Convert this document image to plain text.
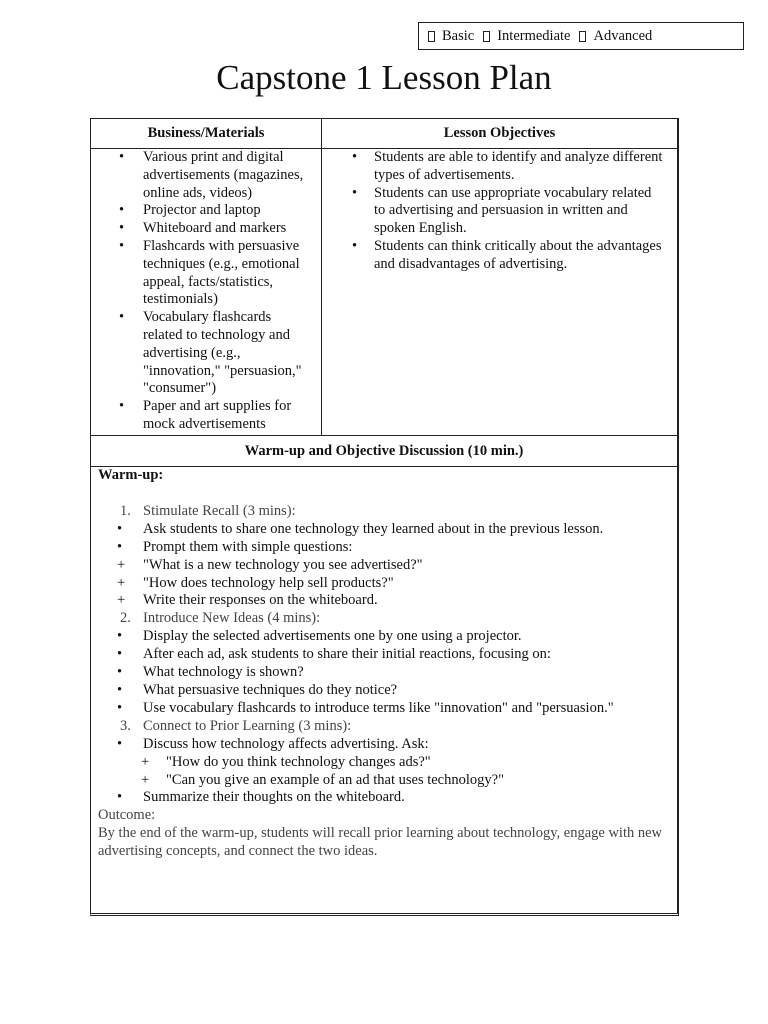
Basic Intermediate Advanced
Capstone 1 Lesson Plan
Business/Materials	Lesson Objectives
• Various print and digital advertisements (magazines, online ads, videos)
• Projector and laptop
• Whiteboard and markers
• Flashcards with persuasive techniques (e.g., emotional appeal, facts/statistics, testimonials)
• Vocabulary flashcards related to technology and advertising (e.g., "innovation," "persuasion," "consumer")
• Paper and art supplies for mock advertisements
• Students are able to identify and analyze different types of advertisements.
• Students can use appropriate vocabulary related to advertising and persuasion in written and spoken English.
• Students can think critically about the advantages and disadvantages of advertising.
Warm-up and Objective Discussion (10 min.)
Warm-up:
1. Stimulate Recall (3 mins):
• Ask students to share one technology they learned about in the previous lesson.
• Prompt them with simple questions:
+ "What is a new technology you see advertised?"
+ "How does technology help sell products?"
+ Write their responses on the whiteboard.
2. Introduce New Ideas (4 mins):
• Display the selected advertisements one by one using a projector.
• After each ad, ask students to share their initial reactions, focusing on:
• What technology is shown?
• What persuasive techniques do they notice?
• Use vocabulary flashcards to introduce terms like "innovation" and "persuasion."
3. Connect to Prior Learning (3 mins):
• Discuss how technology affects advertising. Ask:
+ "How do you think technology changes ads?"
+ "Can you give an example of an ad that uses technology?"
• Summarize their thoughts on the whiteboard.
Outcome:
By the end of the warm-up, students will recall prior learning about technology, engage with new advertising concepts, and connect the two ideas.
